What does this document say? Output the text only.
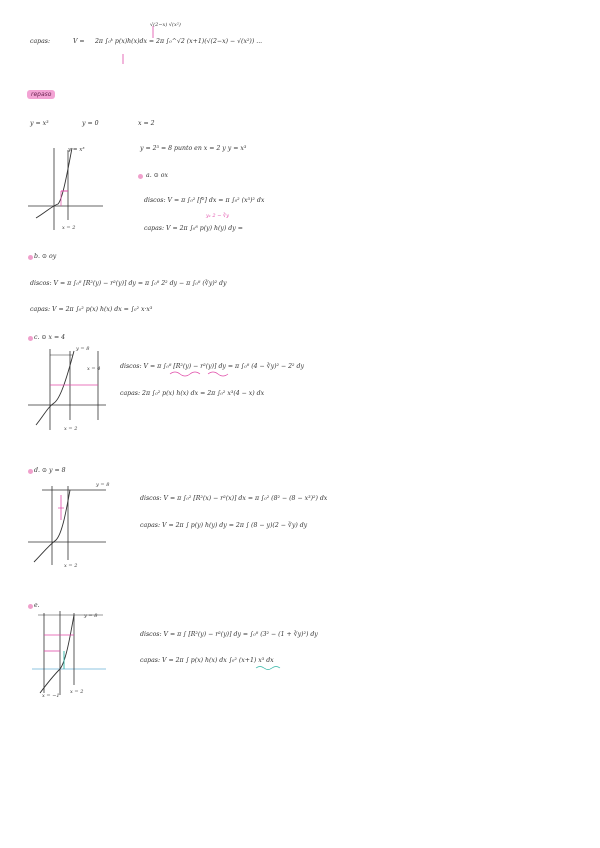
capas:	V = 2π ∫₀ᵏ p(x)h(x)dx = 2π ∫₀^√2 (x+1)(√(2−x) − √(x²)) ...
√(2−x) √(x²)
repaso
y = x³	y = 0	x = 2
y = x³
x = 2
y = 2³ = 8 punto en x = 2 y y = x³
a. ⊙ ox
discos: V = π ∫₀² [f²] dx = π ∫₀² (x³)² dx
y₁ 2 − ∛y
capas: V = 2π ∫₀⁸ p(y) h(y) dy =
b. ⊙ oy
discos: V = π ∫₀⁸ [R²(y) − r²(y)] dy = π ∫₀⁸ 2² dy − π ∫₀⁸ (∛y)² dy
capas: V = 2π ∫₀² p(x) h(x) dx = ∫₀² x·x³
c. ⊙ x = 4
y = 8
x = 4
x = 2
discos: V = π ∫₀⁸ [R²(y) − r²(y)] dy = π ∫₀⁸ (4 − ∛y)² − 2² dy
capas: 2π ∫₀² p(x) h(x) dx = 2π ∫₀² x³(4 − x) dx
d. ⊙ y = 8
y = 8
x = 2
discos: V = π ∫₀² [R²(x) − r²(x)] dx = π ∫₀² (8² − (8 − x³)²) dx
capas: V = 2π ∫ p(y) h(y) dy = 2π ∫ (8 − y)(2 − ∛y) dy
e.
y = 8
x = −1
x = 2
discos: V = π ∫ [R²(y) − r²(y)] dy = ∫₀⁸ (3² − (1 + ∛y)²) dy
capas: V = 2π ∫ p(x) h(x) dx ∫₀² (x+1) x³ dx
